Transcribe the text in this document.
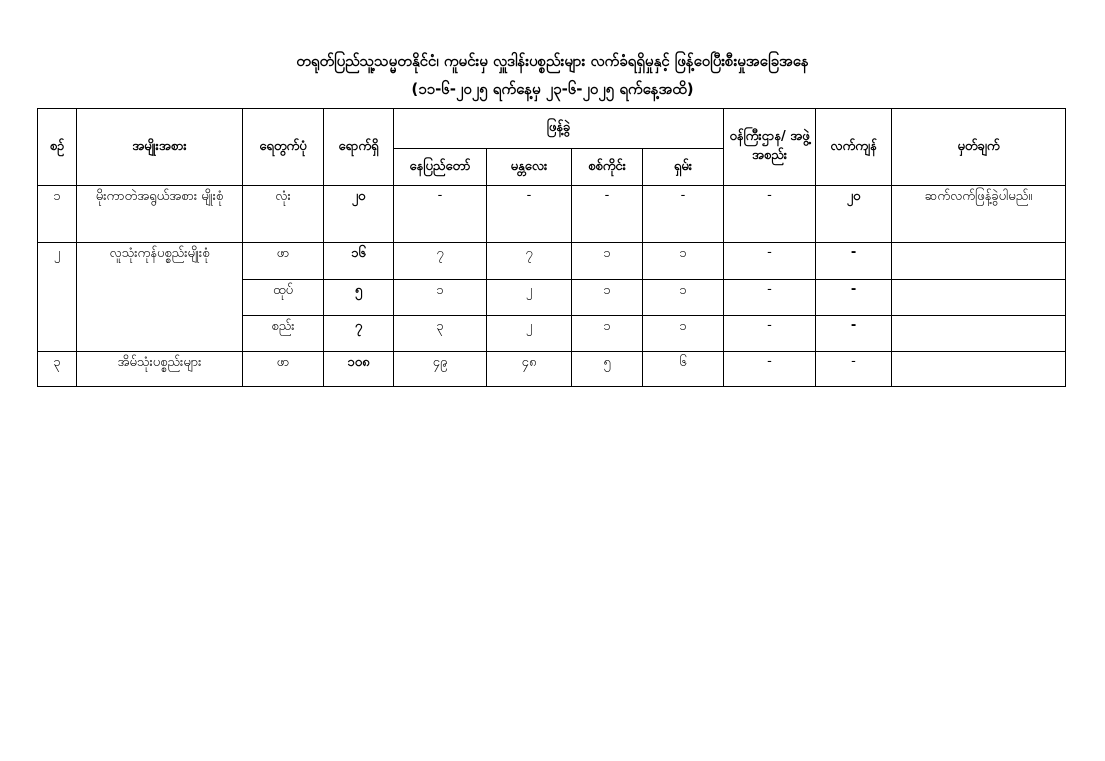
တရုတ်ပြည်သူ့သမ္မတနိုင်ငံ၊ ကူမင်းမှ လှူဒါန်းပစ္စည်းများ လက်ခံရရှိမှုနှင့် ဖြန့်ဝေပြီးစီးမှုအခြေအနေ
(၁၁-၆-၂၀၂၅ ရက်နေ့မှ ၂၃-၆-၂၀၂၅ ရက်နေ့အထိ)
စဉ်	အမျိုးအစား	ရေတွက်ပုံ	ရောက်ရှိ	ဖြန့်ခွဲ				ဝန်ကြီးဌာန/ အဖွဲ့အစည်း	လက်ကျန်	မှတ်ချက်
				နေပြည်တော်	မန္တလေး	စစ်ကိုင်း	ရှမ်း			
၁	မိုးကာတဲအရွယ်အစား မျိုးစုံ	လုံး	၂၀	-	-	-	-	-	၂၀	ဆက်လက်ဖြန့်ခွဲပါမည်။
၂	လူသုံးကုန်ပစ္စည်းမျိုးစုံ	ဖာ	၁၆	၇	၇	၁	၁	-	-	
		ထုပ်	၅	၁	၂	၁	၁	-	-	
		စည်း	၇	၃	၂	၁	၁	-	-	
၃	အိမ်သုံးပစ္စည်းများ	ဖာ	၁၀၈	၄၉	၄၈	၅	၆	-	-	
